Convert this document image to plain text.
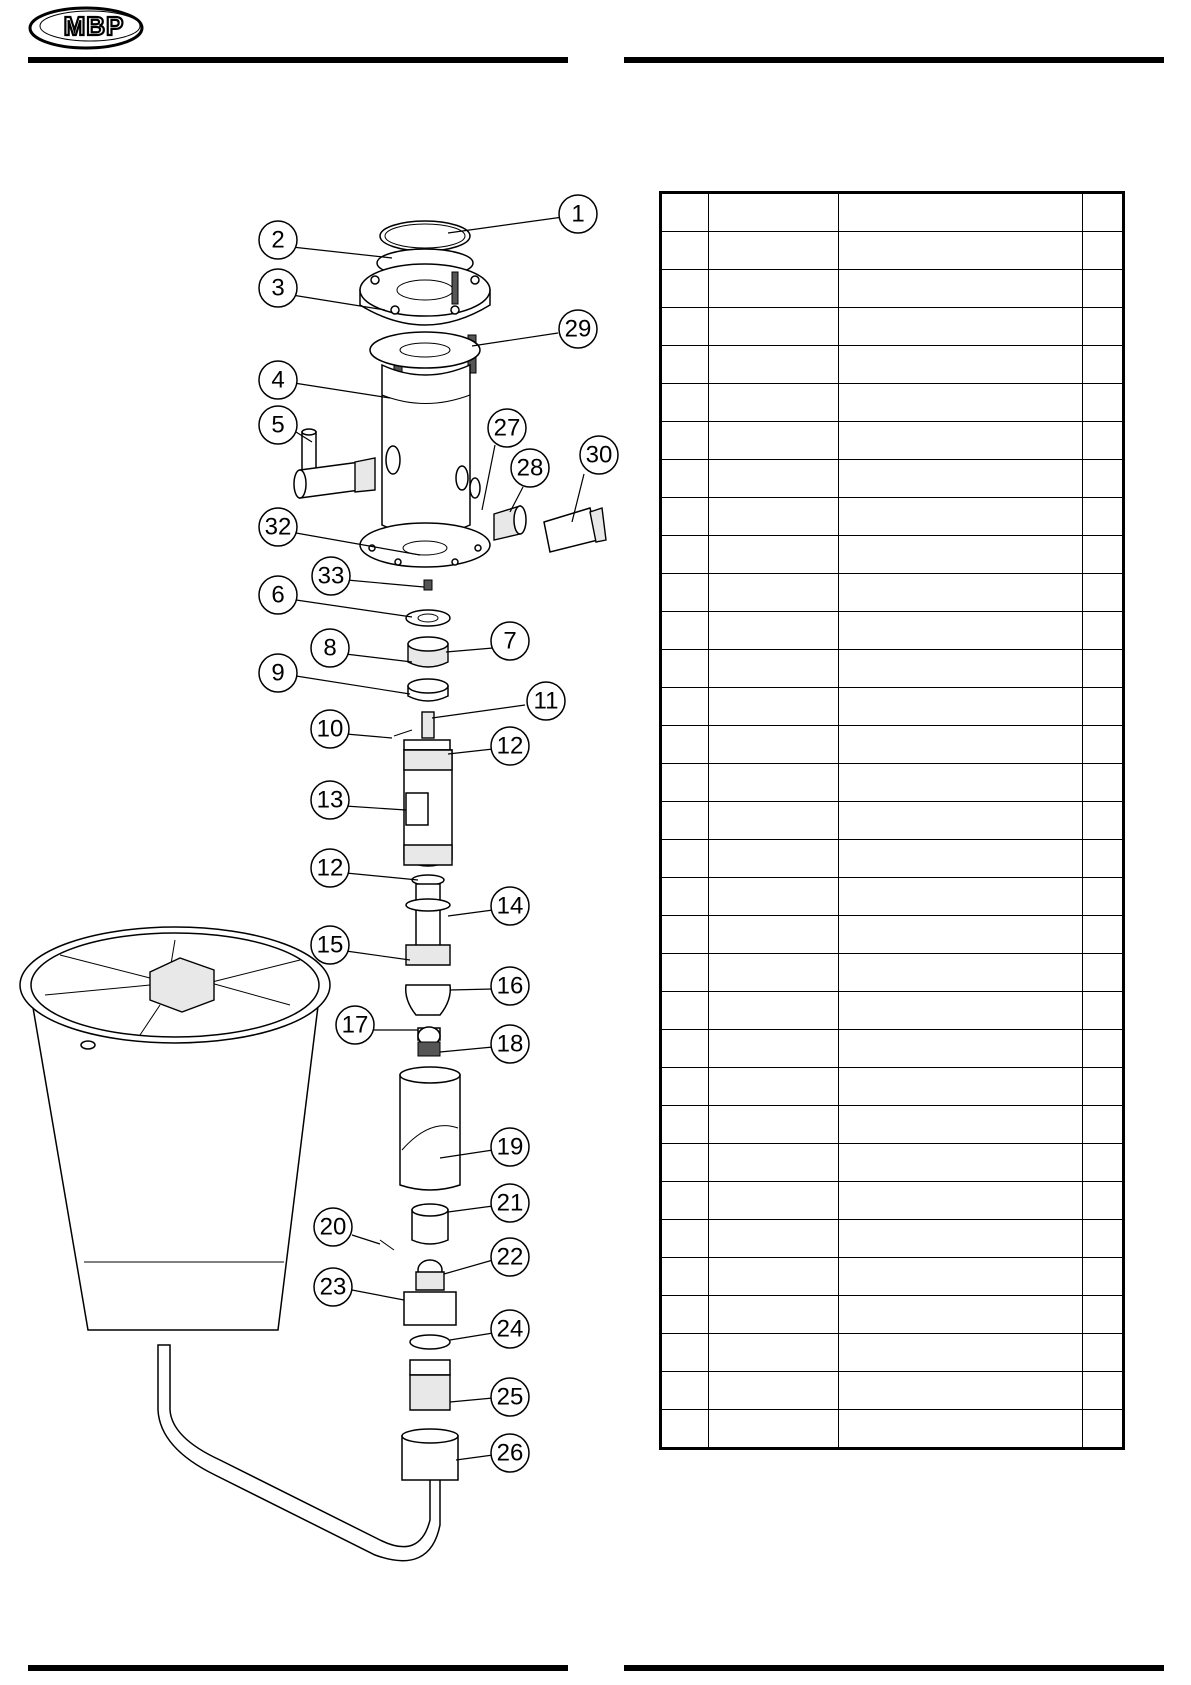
MBP
1
2
3
29
4
5	27
28 30
32
33
6
8	7
9
11
10
12
13
12
14
15
16
17
18
19
20
21
22
23
24
25
26
